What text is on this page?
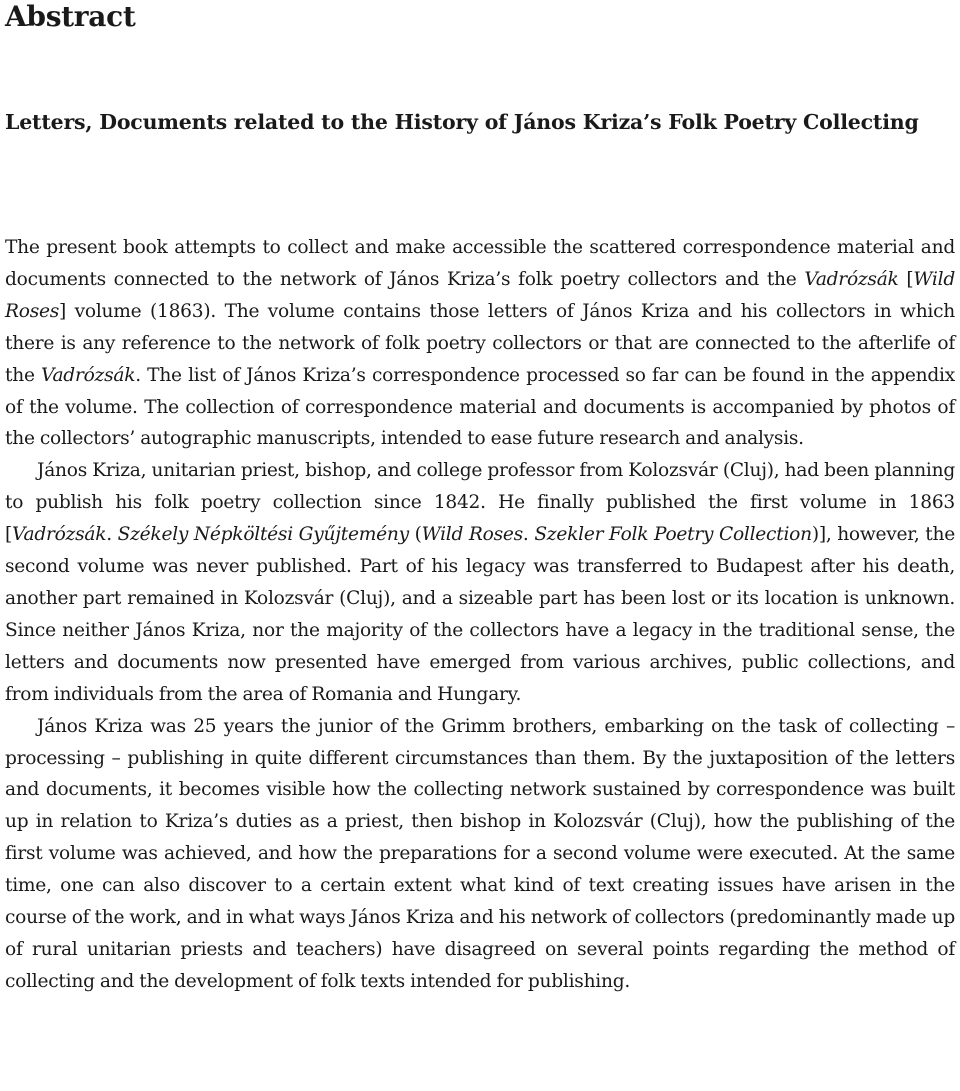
Abstract
Letters, Documents related to the History of János Kriza’s Folk Poetry Collecting

The present book attempts to collect and make accessible the scattered correspondence material and documents connected to the network of János Kriza’s folk poetry collectors and the Vadrózsák [Wild Roses] volume (1863). The volume contains those letters of János Kriza and his collectors in which there is any reference to the network of folk poetry collectors or that are connected to the afterlife of the Vadrózsák. The list of János Kriza’s correspondence processed so far can be found in the appendix of the volume. The collection of correspondence material and documents is accompanied by photos of the collectors’ autographic manuscripts, intended to ease future research and analysis.

János Kriza, unitarian priest, bishop, and college professor from Kolozsvár (Cluj), had been planning to publish his folk poetry collection since 1842. He finally published the first volume in 1863 [Vadrózsák. Székely Népköltési Gyűjtemény (Wild Roses. Szekler Folk Poetry Collection)], however, the second volume was never published. Part of his legacy was transferred to Budapest after his death, another part remained in Kolozsvár (Cluj), and a sizeable part has been lost or its location is unknown. Since neither János Kriza, nor the majority of the collectors have a legacy in the traditional sense, the letters and documents now presented have emerged from various archives, public collections, and from individuals from the area of Romania and Hungary.

János Kriza was 25 years the junior of the Grimm brothers, embarking on the task of collecting – processing – publishing in quite different circumstances than them. By the juxtaposition of the letters and documents, it becomes visible how the collecting network sustained by correspondence was built up in relation to Kriza’s duties as a priest, then bishop in Kolozsvár (Cluj), how the publishing of the first volume was achieved, and how the preparations for a second volume were executed. At the same time, one can also discover to a certain extent what kind of text creating issues have arisen in the course of the work, and in what ways János Kriza and his network of collectors (predominantly made up of rural unitarian priests and teachers) have disagreed on several points regarding the method of collecting and the development of folk texts intended for publishing.
